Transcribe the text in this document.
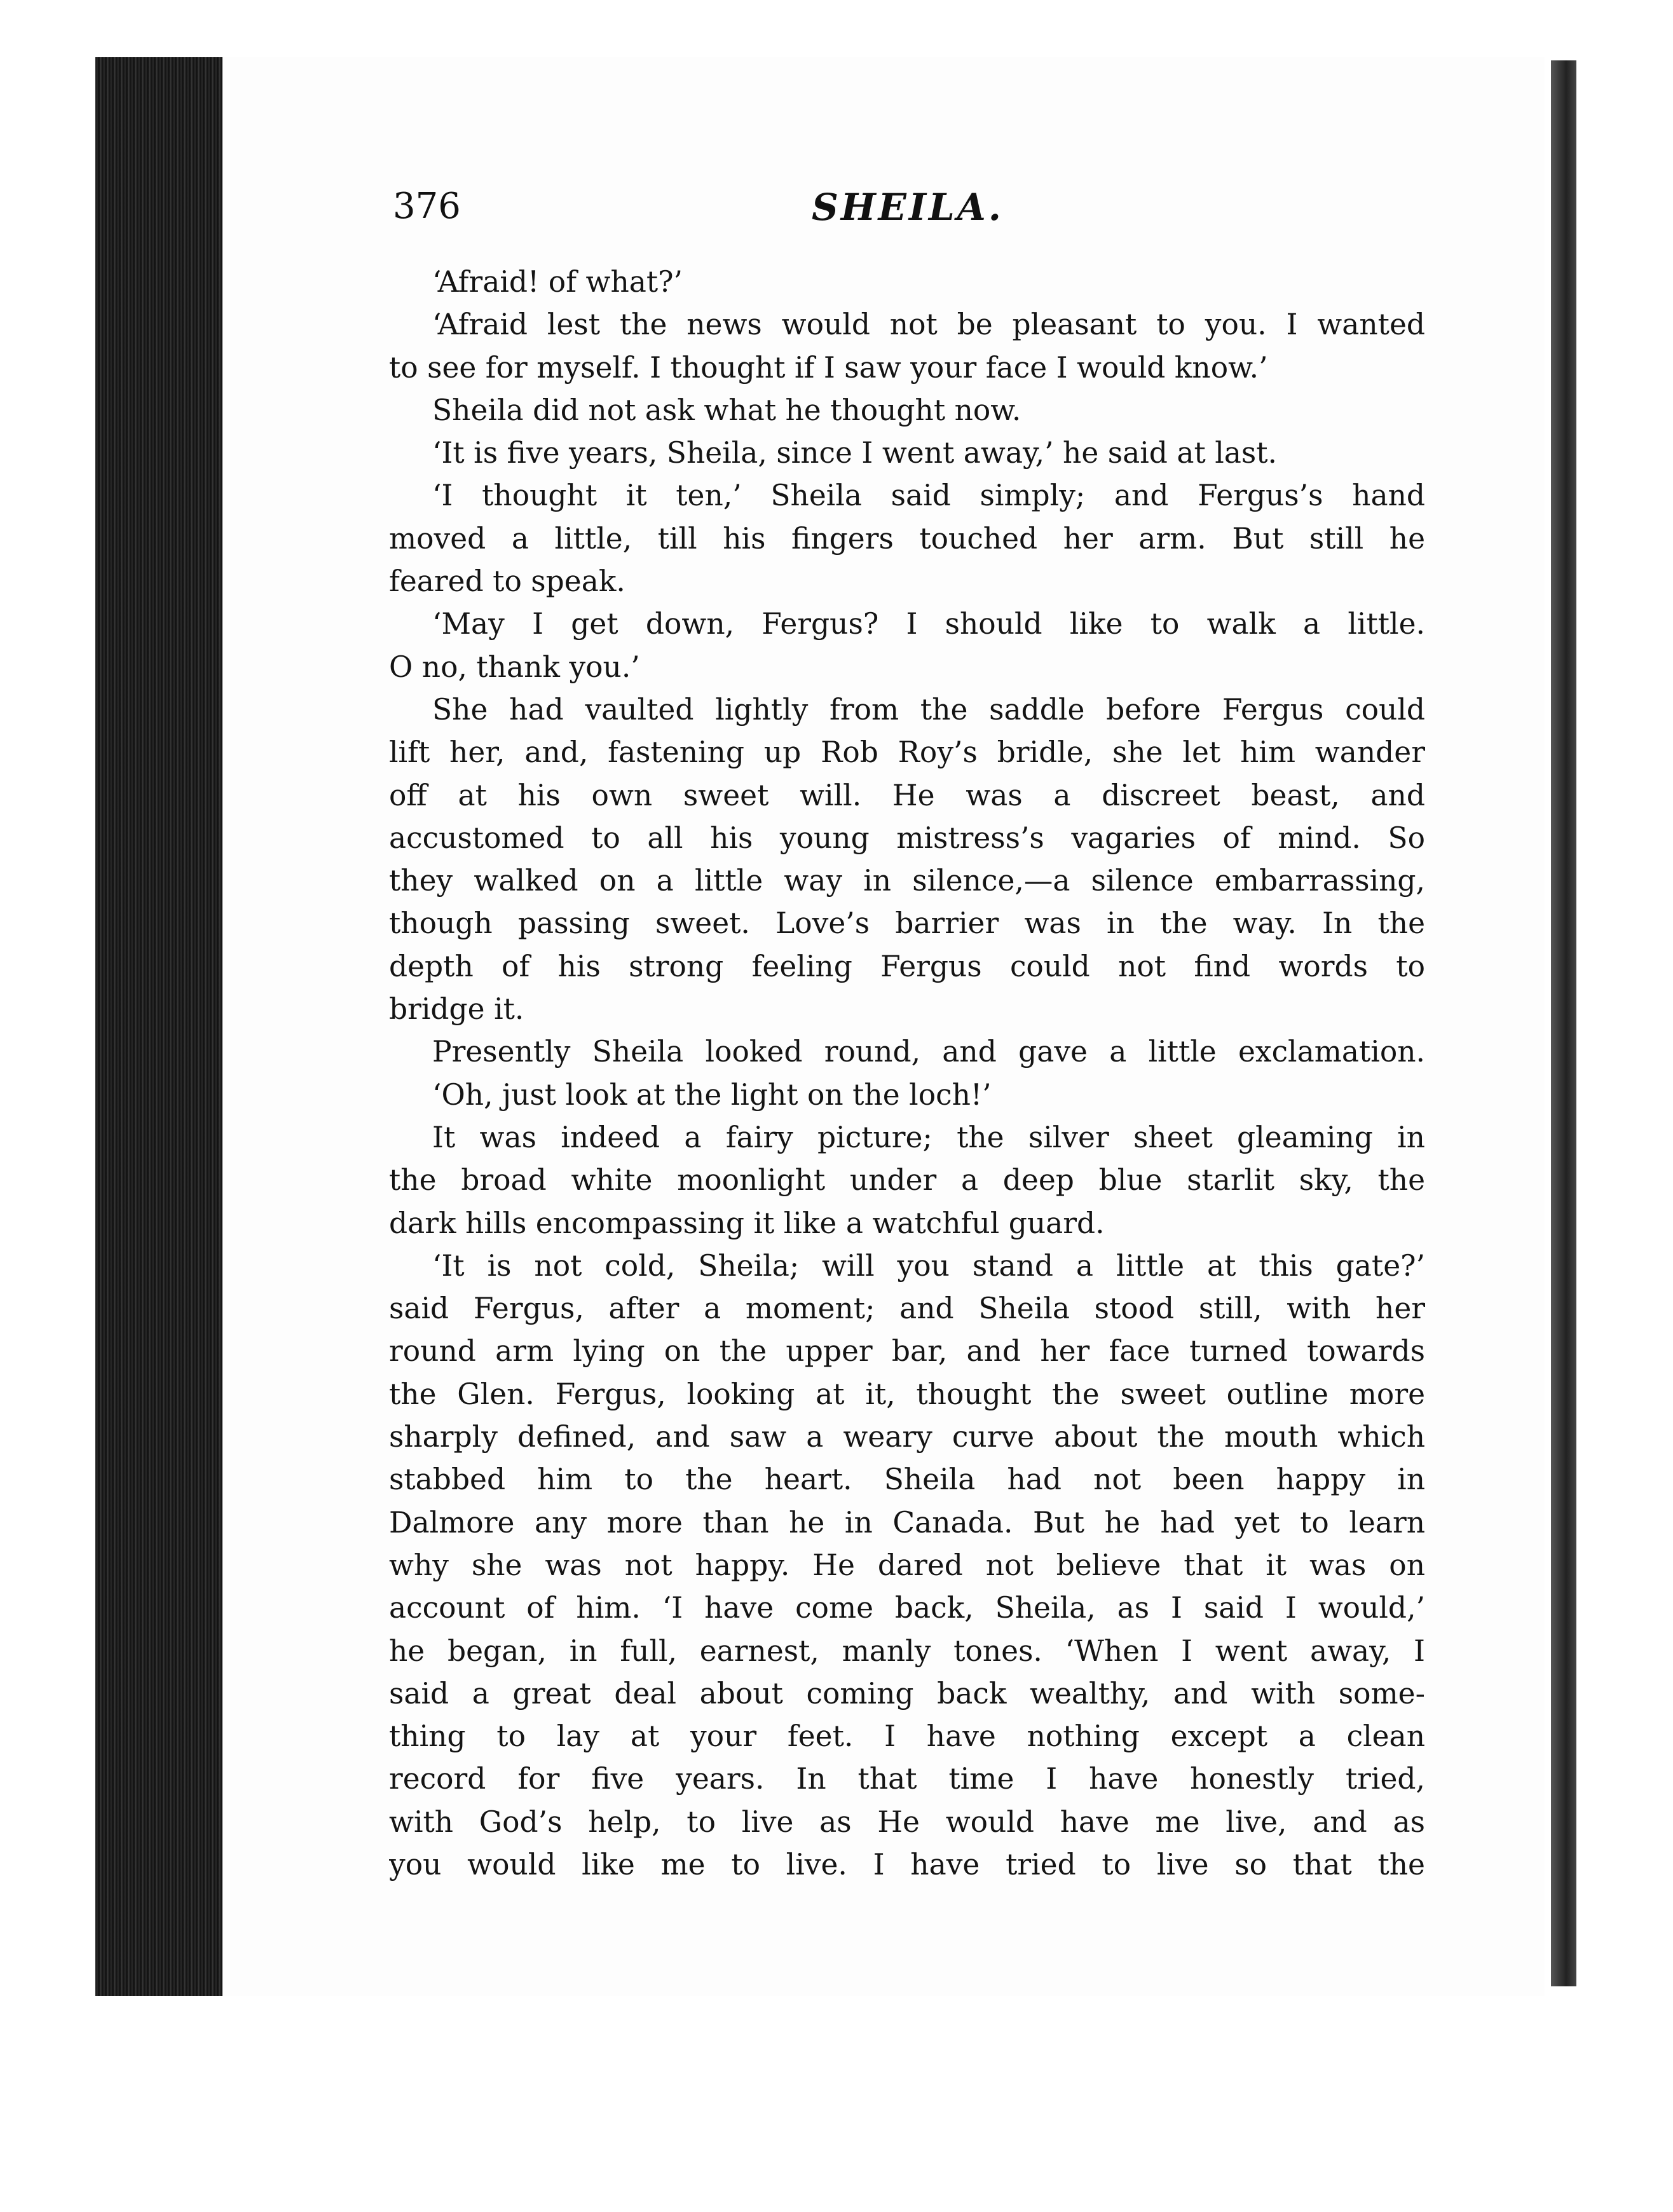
376	SHEILA.
‘Afraid! of what?’
‘Afraid lest the news would not be pleasant to you. I wanted
to see for myself. I thought if I saw your face I would know.’
Sheila did not ask what he thought now.
‘It is five years, Sheila, since I went away,’ he said at last.
‘I thought it ten,’ Sheila said simply; and Fergus’s hand
moved a little, till his fingers touched her arm. But still he
feared to speak.
‘May I get down, Fergus? I should like to walk a little.
O no, thank you.’
She had vaulted lightly from the saddle before Fergus could
lift her, and, fastening up Rob Roy’s bridle, she let him wander
off at his own sweet will. He was a discreet beast, and
accustomed to all his young mistress’s vagaries of mind. So
they walked on a little way in silence,—a silence embarrassing,
though passing sweet. Love’s barrier was in the way. In the
depth of his strong feeling Fergus could not find words to
bridge it.
Presently Sheila looked round, and gave a little exclamation.
‘Oh, just look at the light on the loch!’
It was indeed a fairy picture; the silver sheet gleaming in
the broad white moonlight under a deep blue starlit sky, the
dark hills encompassing it like a watchful guard.
‘It is not cold, Sheila; will you stand a little at this gate?’
said Fergus, after a moment; and Sheila stood still, with her
round arm lying on the upper bar, and her face turned towards
the Glen. Fergus, looking at it, thought the sweet outline more
sharply defined, and saw a weary curve about the mouth which
stabbed him to the heart. Sheila had not been happy in
Dalmore any more than he in Canada. But he had yet to learn
why she was not happy. He dared not believe that it was on
account of him. ‘I have come back, Sheila, as I said I would,’
he began, in full, earnest, manly tones. ‘When I went away, I
said a great deal about coming back wealthy, and with some-
thing to lay at your feet. I have nothing except a clean
record for five years. In that time I have honestly tried,
with God’s help, to live as He would have me live, and as
you would like me to live. I have tried to live so that the
